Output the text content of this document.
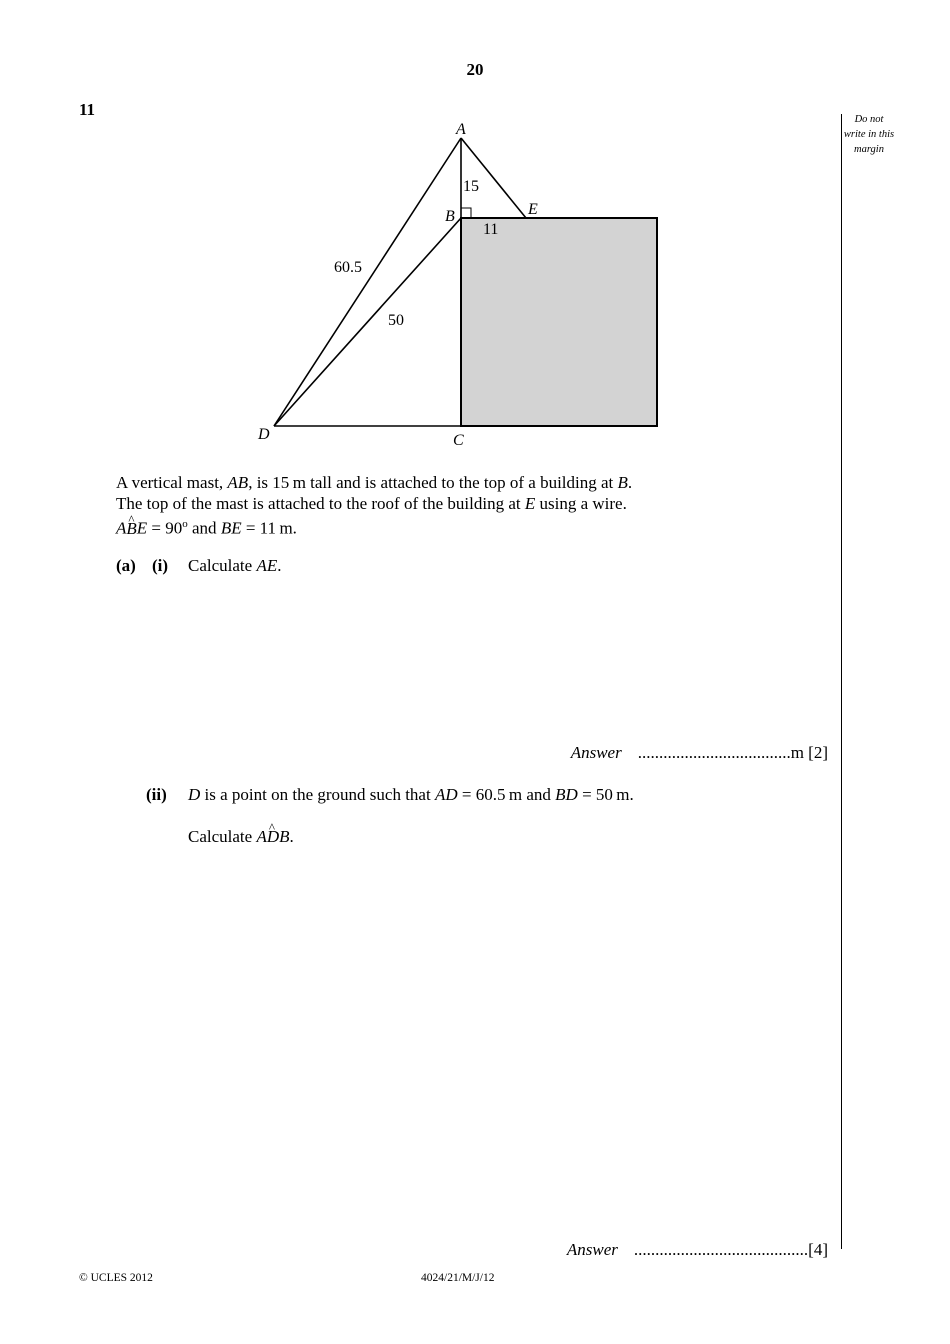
20
11
Do not
write in this
margin
A
B
C
D
E
15
11
60.5
50
A vertical mast, AB, is 15 m tall and is attached to the top of a building at B.
The top of the mast is attached to the roof of the building at E using a wire.
A^ BE = $90^o$ and BE = 11 m.
(a) (i) Calculate AE.
Answer ....................................m [2]
(ii) D is a point on the ground such that AD = 60.5 m and BD = 50 m.
Calculate A^ DB.
Answer .........................................[4]
© UCLES 2012	4024/21/M/J/12
